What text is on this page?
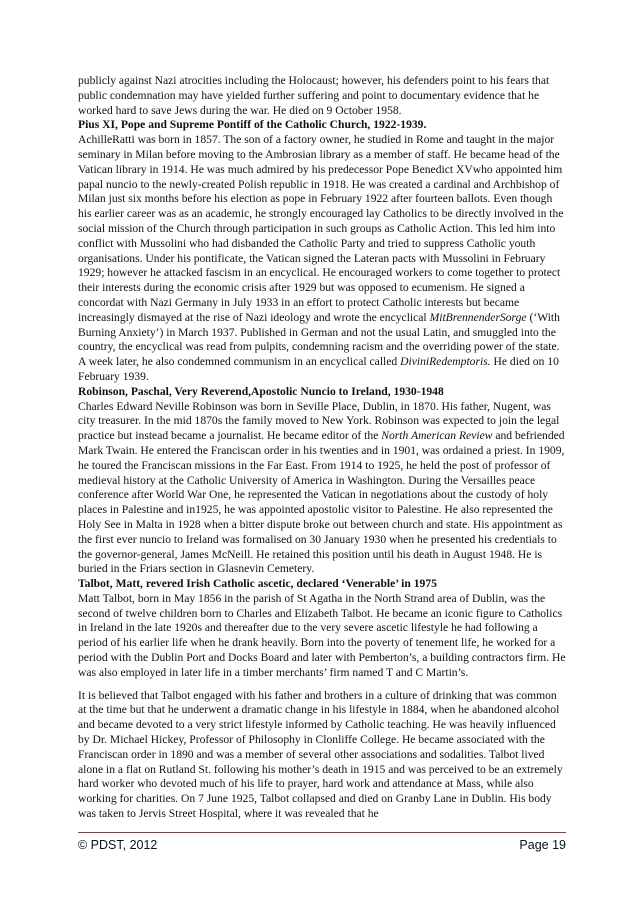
publicly against Nazi atrocities including the Holocaust; however, his defenders point to his fears that public condemnation may have yielded further suffering and point to documentary evidence that he worked hard to save Jews during the war. He died on 9 October 1958.

Pius XI, Pope and Supreme Pontiff of the Catholic Church, 1922-1939.

AchilleRatti was born in 1857. The son of a factory owner, he studied in Rome and taught in the major seminary in Milan before moving to the Ambrosian library as a member of staff. He became head of the Vatican library in 1914. He was much admired by his predecessor Pope Benedict XVwho appointed him papal nuncio to the newly-created Polish republic in 1918. He was created a cardinal and Archbishop of Milan just six months before his election as pope in February 1922 after fourteen ballots. Even though his earlier career was as an academic, he strongly encouraged lay Catholics to be directly involved in the social mission of the Church through participation in such groups as Catholic Action. This led him into conflict with Mussolini who had disbanded the Catholic Party and tried to suppress Catholic youth organisations. Under his pontificate, the Vatican signed the Lateran pacts with Mussolini in February 1929; however he attacked fascism in an encyclical. He encouraged workers to come together to protect their interests during the economic crisis after 1929 but was opposed to ecumenism. He signed a concordat with Nazi Germany in July 1933 in an effort to protect Catholic interests but became increasingly dismayed at the rise of Nazi ideology and wrote the encyclical MitBrennenderSorge (‘With Burning Anxiety’) in March 1937. Published in German and not the usual Latin, and smuggled into the country, the encyclical was read from pulpits, condemning racism and the overriding power of the state. A week later, he also condemned communism in an encyclical called DiviniRedemptoris. He died on 10 February 1939.

Robinson, Paschal, Very Reverend,Apostolic Nuncio to Ireland, 1930-1948

Charles Edward Neville Robinson was born in Seville Place, Dublin, in 1870. His father, Nugent, was city treasurer. In the mid 1870s the family moved to New York. Robinson was expected to join the legal practice but instead became a journalist. He became editor of the North American Review and befriended Mark Twain. He entered the Franciscan order in his twenties and in 1901, was ordained a priest. In 1909, he toured the Franciscan missions in the Far East. From 1914 to 1925, he held the post of professor of medieval history at the Catholic University of America in Washington. During the Versailles peace conference after World War One, he represented the Vatican in negotiations about the custody of holy places in Palestine and in1925, he was appointed apostolic visitor to Palestine. He also represented the Holy See in Malta in 1928 when a bitter dispute broke out between church and state. His appointment as the first ever nuncio to Ireland was formalised on 30 January 1930 when he presented his credentials to the governor-general, James McNeill. He retained this position until his death in August 1948. He is buried in the Friars section in Glasnevin Cemetery.

Talbot, Matt, revered Irish Catholic ascetic, declared ‘Venerable’ in 1975

Matt Talbot, born in May 1856 in the parish of St Agatha in the North Strand area of Dublin, was the second of twelve children born to Charles and Elizabeth Talbot. He became an iconic figure to Catholics in Ireland in the late 1920s and thereafter due to the very severe ascetic lifestyle he had following a period of his earlier life when he drank heavily. Born into the poverty of tenement life, he worked for a period with the Dublin Port and Docks Board and later with Pemberton’s, a building contractors firm. He was also employed in later life in a timber merchants’ firm named T and C Martin’s.

It is believed that Talbot engaged with his father and brothers in a culture of drinking that was common at the time but that he underwent a dramatic change in his lifestyle in 1884, when he abandoned alcohol and became devoted to a very strict lifestyle informed by Catholic teaching. He was heavily influenced by Dr. Michael Hickey, Professor of Philosophy in Clonliffe College. He became associated with the Franciscan order in 1890 and was a member of several other associations and sodalities. Talbot lived alone in a flat on Rutland St. following his mother’s death in 1915 and was perceived to be an extremely hard worker who devoted much of his life to prayer, hard work and attendance at Mass, while also working for charities. On 7 June 1925, Talbot collapsed and died on Granby Lane in Dublin. His body was taken to Jervis Street Hospital, where it was revealed that he

© PDST, 2012	Page 19
